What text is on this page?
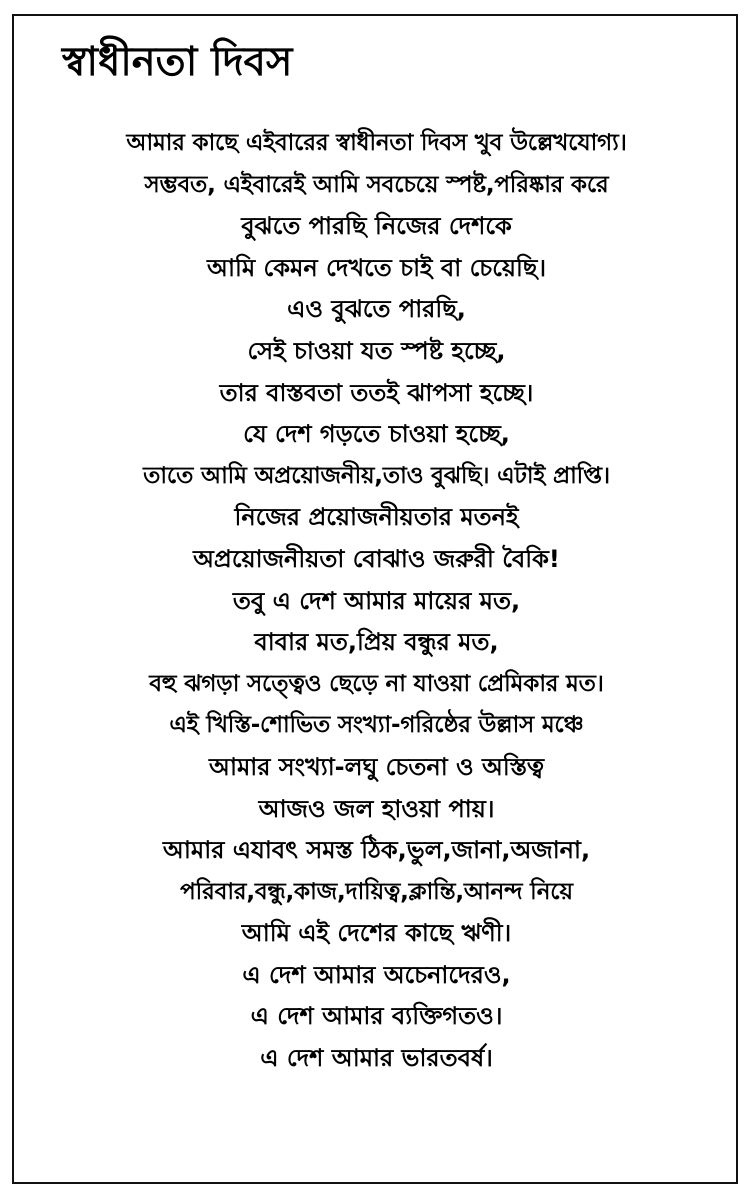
স্বাধীনতা দিবস
আমার কাছে এইবারের স্বাধীনতা দিবস খুব উল্লেখযোগ্য।
সম্ভবত, এইবারেই আমি সবচেয়ে স্পষ্ট,পরিষ্কার করে
বুঝতে পারছি নিজের দেশকে
আমি কেমন দেখতে চাই বা চেয়েছি।
এও বুঝতে পারছি,
সেই চাওয়া যত স্পষ্ট হচ্ছে,
তার বাস্তবতা ততই ঝাপসা হচ্ছে।
যে দেশ গড়তে চাওয়া হচ্ছে,
তাতে আমি অপ্রয়োজনীয়,তাও বুঝছি। এটাই প্রাপ্তি।
নিজের প্রয়োজনীয়তার মতনই
অপ্রয়োজনীয়তা বোঝাও জরুরী বৈকি!
তবু এ দেশ আমার মায়ের মত,
বাবার মত,প্রিয় বন্ধুর মত,
বহু ঝগড়া সত্ত্বেও ছেড়ে না যাওয়া প্রেমিকার মত।
এই খিস্তি-শোভিত সংখ্যা-গরিষ্ঠের উল্লাস মঞ্চে
আমার সংখ্যা-লঘু চেতনা ও অস্তিত্ব
আজও জল হাওয়া পায়।
আমার এযাবৎ সমস্ত ঠিক,ভুল,জানা,অজানা,
পরিবার,বন্ধু,কাজ,দায়িত্ব,ক্লান্তি,আনন্দ নিয়ে
আমি এই দেশের কাছে ঋণী।
এ দেশ আমার অচেনাদেরও,
এ দেশ আমার ব্যক্তিগতও।
এ দেশ আমার ভারতবর্ষ।
